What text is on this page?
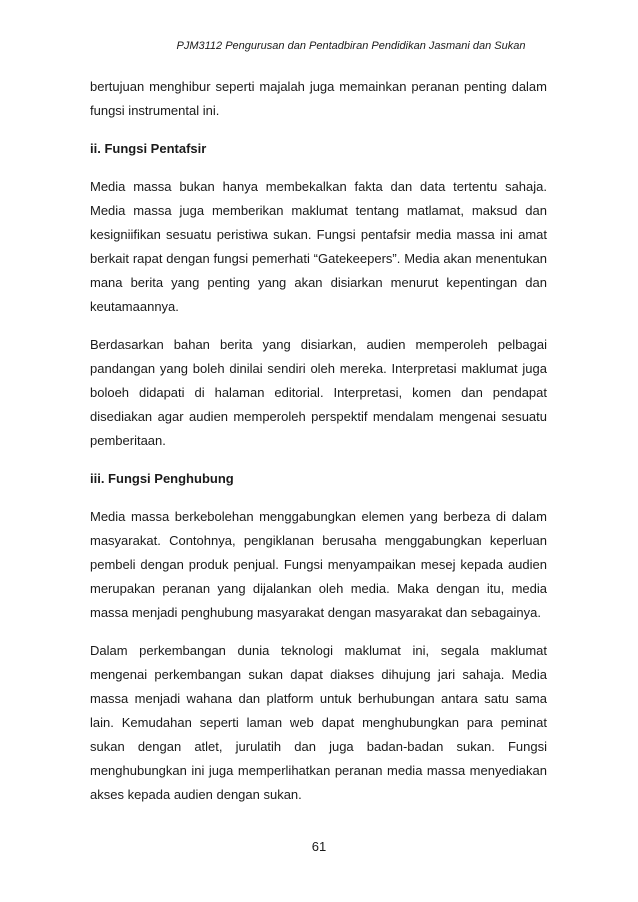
PJM3112 Pengurusan dan Pentadbiran Pendidikan Jasmani dan Sukan

bertujuan menghibur seperti majalah juga memainkan peranan penting dalam fungsi instrumental ini.

ii. Fungsi Pentafsir

Media massa bukan hanya membekalkan fakta dan data tertentu sahaja. Media massa juga memberikan maklumat tentang matlamat, maksud dan kesigniifikan sesuatu peristiwa sukan. Fungsi pentafsir media massa ini amat berkait rapat dengan fungsi pemerhati “Gatekeepers”. Media akan menentukan mana berita yang penting yang akan disiarkan menurut kepentingan dan keutamaannya.

Berdasarkan bahan berita yang disiarkan, audien memperoleh pelbagai pandangan yang boleh dinilai sendiri oleh mereka. Interpretasi maklumat juga boloeh didapati di halaman editorial. Interpretasi, komen dan pendapat disediakan agar audien memperoleh perspektif mendalam mengenai sesuatu pemberitaan.

iii. Fungsi Penghubung

Media massa berkebolehan menggabungkan elemen yang berbeza di dalam masyarakat. Contohnya, pengiklanan berusaha menggabungkan keperluan pembeli dengan produk penjual. Fungsi menyampaikan mesej kepada audien merupakan peranan yang dijalankan oleh media. Maka dengan itu, media massa menjadi penghubung masyarakat dengan masyarakat dan sebagainya.

Dalam perkembangan dunia teknologi maklumat ini, segala maklumat mengenai perkembangan sukan dapat diakses dihujung jari sahaja. Media massa menjadi wahana dan platform untuk berhubungan antara satu sama lain. Kemudahan seperti laman web dapat menghubungkan para peminat sukan dengan atlet, jurulatih dan juga badan-badan sukan. Fungsi menghubungkan ini juga memperlihatkan peranan media massa menyediakan akses kepada audien dengan sukan.

61
